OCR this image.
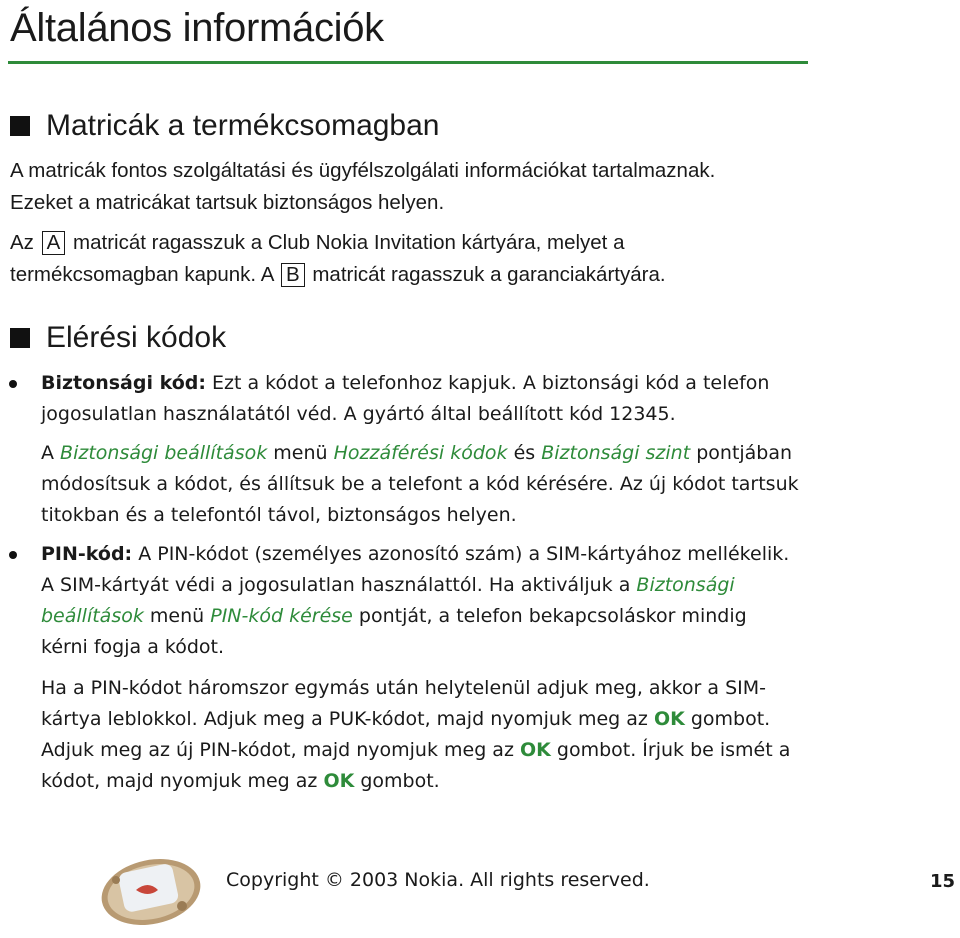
Általános információk
Matricák a termékcsomagban

A matricák fontos szolgáltatási és ügyfélszolgálati információkat tartalmaznak.
Ezeket a matricákat tartsuk biztonságos helyen.

Az A matricát ragasszuk a Club Nokia Invitation kártyára, melyet a
termékcsomagban kapunk. A B matricát ragasszuk a garanciakártyára.

Elérési kódok

Biztonsági kód: Ezt a kódot a telefonhoz kapjuk. A biztonsági kód a telefon
jogosulatlan használatától véd. A gyártó által beállított kód 12345.

A Biztonsági beállítások menü Hozzáférési kódok és Biztonsági szint pontjában
módosítsuk a kódot, és állítsuk be a telefont a kód kérésére. Az új kódot tartsuk
titokban és a telefontól távol, biztonságos helyen.

PIN-kód: A PIN-kódot (személyes azonosító szám) a SIM-kártyához mellékelik.
A SIM-kártyát védi a jogosulatlan használattól. Ha aktiváljuk a Biztonsági
beállítások menü PIN-kód kérése pontját, a telefon bekapcsoláskor mindig
kérni fogja a kódot.

Ha a PIN-kódot háromszor egymás után helytelenül adjuk meg, akkor a SIM-
kártya leblokkol. Adjuk meg a PUK-kódot, majd nyomjuk meg az OK gombot.
Adjuk meg az új PIN-kódot, majd nyomjuk meg az OK gombot. Írjuk be ismét a
kódot, majd nyomjuk meg az OK gombot.

Copyright © 2003 Nokia. All rights reserved.	15
